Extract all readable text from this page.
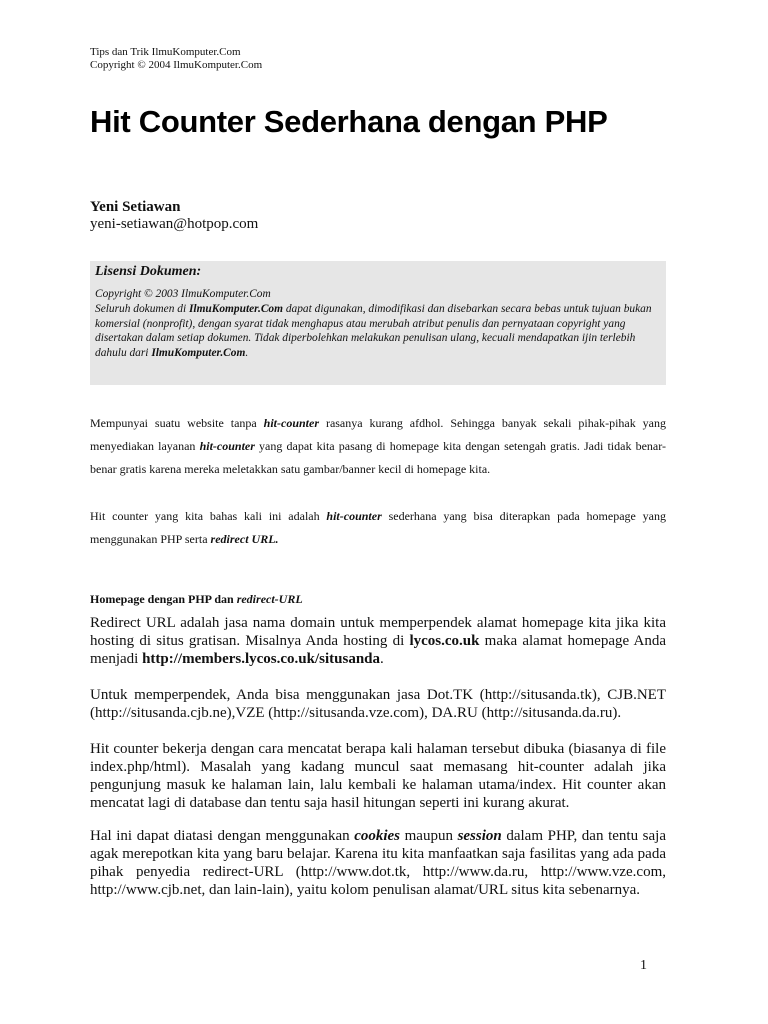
Tips dan Trik IlmuKomputer.Com
Copyright © 2004 IlmuKomputer.Com
Hit Counter Sederhana dengan PHP
Yeni Setiawan
yeni-setiawan@hotpop.com
Lisensi Dokumen:
Copyright © 2003 IlmuKomputer.Com
Seluruh dokumen di IlmuKomputer.Com dapat digunakan, dimodifikasi dan disebarkan secara bebas untuk tujuan bukan komersial (nonprofit), dengan syarat tidak menghapus atau merubah atribut penulis dan pernyataan copyright yang disertakan dalam setiap dokumen. Tidak diperbolehkan melakukan penulisan ulang, kecuali mendapatkan ijin terlebih dahulu dari IlmuKomputer.Com.

Mempunyai suatu website tanpa hit-counter rasanya kurang afdhol. Sehingga banyak sekali pihak-pihak yang menyediakan layanan hit-counter yang dapat kita pasang di homepage kita dengan setengah gratis. Jadi tidak benar-benar gratis karena mereka meletakkan satu gambar/banner kecil di homepage kita.

Hit counter yang kita bahas kali ini adalah hit-counter sederhana yang bisa diterapkan pada homepage yang menggunakan PHP serta redirect URL.

Homepage dengan PHP dan redirect-URL

Redirect URL adalah jasa nama domain untuk memperpendek alamat homepage kita jika kita hosting di situs gratisan. Misalnya Anda hosting di lycos.co.uk maka alamat homepage Anda menjadi http://members.lycos.co.uk/situsanda.

Untuk memperpendek, Anda bisa menggunakan jasa Dot.TK (http://situsanda.tk), CJB.NET (http://situsanda.cjb.ne),VZE (http://situsanda.vze.com), DA.RU (http://situsanda.da.ru).

Hit counter bekerja dengan cara mencatat berapa kali halaman tersebut dibuka (biasanya di file index.php/html). Masalah yang kadang muncul saat memasang hit-counter adalah jika pengunjung masuk ke halaman lain, lalu kembali ke halaman utama/index. Hit counter akan mencatat lagi di database dan tentu saja hasil hitungan seperti ini kurang akurat.

Hal ini dapat diatasi dengan menggunakan cookies maupun session dalam PHP, dan tentu saja agak merepotkan kita yang baru belajar. Karena itu kita manfaatkan saja fasilitas yang ada pada pihak penyedia redirect-URL (http://www.dot.tk, http://www.da.ru, http://www.vze.com, http://www.cjb.net, dan lain-lain), yaitu kolom penulisan alamat/URL situs kita sebenarnya.

1
